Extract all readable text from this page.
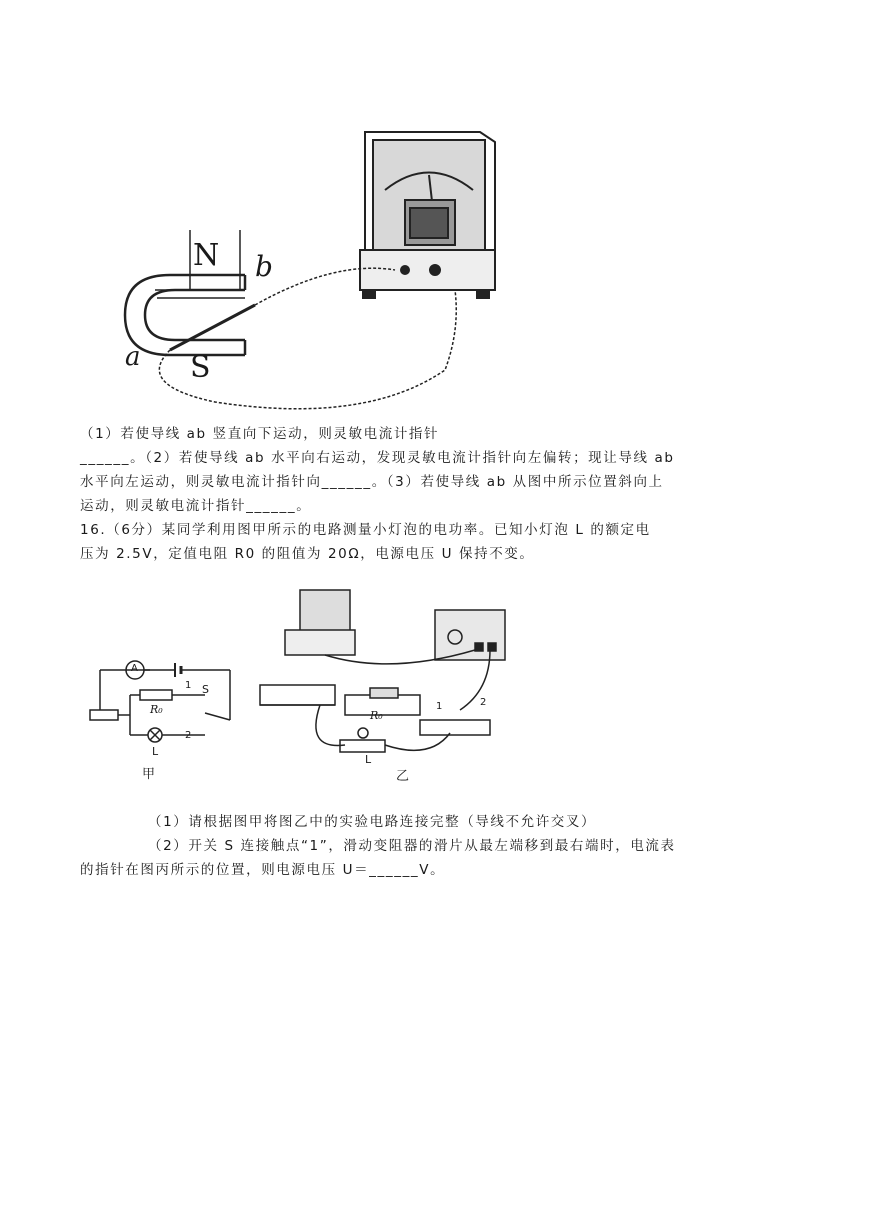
N b
S
a
（1）若使导线 ab 竖直向下运动，则灵敏电流计指针
______。（2）若使导线 ab 水平向右运动，发现灵敏电流计指针向左偏转；现让导线 ab
水平向左运动，则灵敏电流计指针向______。（3）若使导线 ab 从图中所示位置斜向上
运动，则灵敏电流计指针______。
16.（6分）某同学利用图甲所示的电路测量小灯泡的电功率。已知小灯泡 L 的额定电
压为 2.5V，定值电阻 R0 的阻值为 20Ω，电源电压 U 保持不变。
A
R₀
L
S
1
2
甲
R₀
L
1	2
乙
（1）请根据图甲将图乙中的实验电路连接完整（导线不允许交叉）
（2）开关 S 连接触点“1”，滑动变阻器的滑片从最左端移到最右端时，电流表
的指针在图丙所示的位置，则电源电压 U＝______V。
